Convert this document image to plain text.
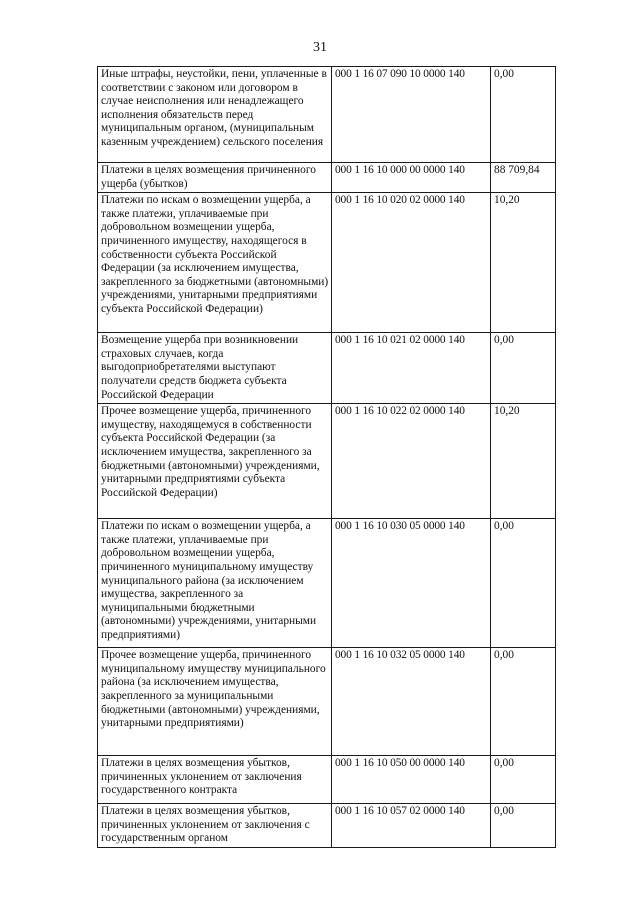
31
Иные штрафы, неустойки, пени, уплаченные в соответствии с законом или договором в случае неисполнения или ненадлежащего исполнения обязательств перед муниципальным органом, (муниципальным казенным учреждением) сельского поселения	000 1 16 07 090 10 0000 140	0,00
Платежи в целях возмещения причиненного ущерба (убытков)	000 1 16 10 000 00 0000 140	88 709,84
Платежи по искам о возмещении ущерба, а также платежи, уплачиваемые при добровольном возмещении ущерба, причиненного имуществу, находящегося в собственности субъекта Российской Федерации (за исключением имущества, закрепленного за бюджетными (автономными) учреждениями, унитарными предприятиями субъекта Российской Федерации)	000 1 16 10 020 02 0000 140	10,20
Возмещение ущерба при возникновении страховых случаев, когда выгодоприобретателями выступают получатели средств бюджета субъекта Российской Федерации	000 1 16 10 021 02 0000 140	0,00
Прочее возмещение ущерба, причиненного имуществу, находящемуся в собственности субъекта Российской Федерации (за исключением имущества, закрепленного за бюджетными (автономными) учреждениями, унитарными предприятиями субъекта Российской Федерации)	000 1 16 10 022 02 0000 140	10,20
Платежи по искам о возмещении ущерба, а также платежи, уплачиваемые при добровольном возмещении ущерба, причиненного муниципальному имуществу муниципального района (за исключением имущества, закрепленного за муниципальными бюджетными (автономными) учреждениями, унитарными предприятиями)	000 1 16 10 030 05 0000 140	0,00
Прочее возмещение ущерба, причиненного муниципальному имуществу муниципального района (за исключением имущества, закрепленного за муниципальными бюджетными (автономными) учреждениями, унитарными предприятиями)	000 1 16 10 032 05 0000 140	0,00
Платежи в целях возмещения убытков, причиненных уклонением от заключения государственного контракта	000 1 16 10 050 00 0000 140	0,00
Платежи в целях возмещения убытков, причиненных уклонением от заключения с государственным органом	000 1 16 10 057 02 0000 140	0,00
